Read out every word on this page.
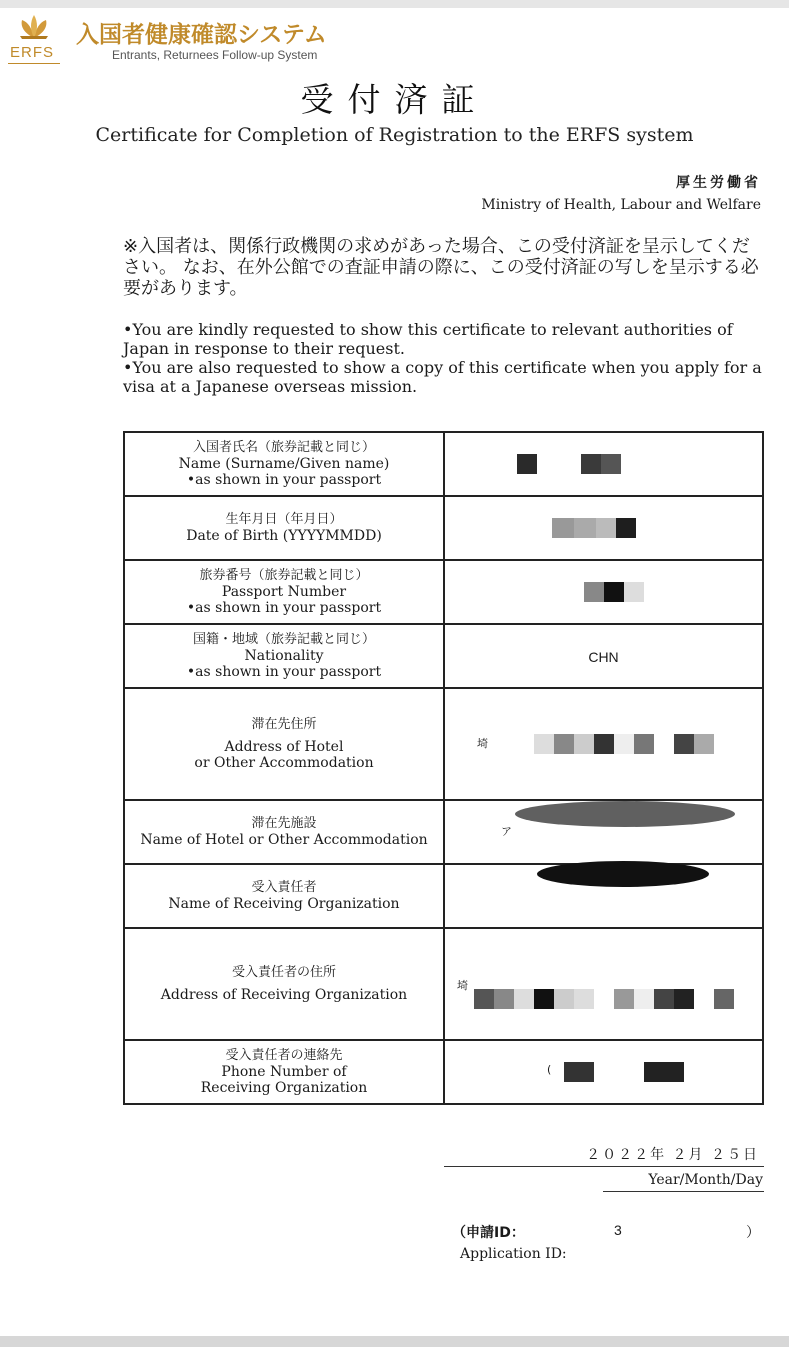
ERFS
入国者健康確認システム
Entrants, Returnees Follow-up System
受付済証
Certificate for Completion of Registration to the ERFS system
厚生労働省
Ministry of Health, Labour and Welfare
※入国者は、関係行政機関の求めがあった場合、この受付済証を呈示してください。 なお、在外公館での査証申請の際に、この受付済証の写しを呈示する必要があります。
•You are kindly requested to show this certificate to relevant authorities of Japan in response to their request.
•You are also requested to show a copy of this certificate when you apply for a visa at a Japanese overseas mission.
入国者氏名（旅券記載と同じ）
Name (Surname/Given name)
•as shown in your passport	

生年月日（年月日）
Date of Birth (YYYYMMDD)	

旅券番号（旅券記載と同じ）
Passport Number
•as shown in your passport	

国籍・地域（旅券記載と同じ）
Nationality
•as shown in your passport	CHN

滞在先住所
Address of Hotel
or Other Accommodation	埼

滞在先施設
Name of Hotel or Other Accommodation	ア

受入責任者
Name of Receiving Organization	

受入責任者の住所
Address of Receiving Organization	埼

受入責任者の連絡先
Phone Number of
Receiving Organization	(
２０２２年 ２月 ２５日
Year/Month/Day
（申請ID：	3	）
Application ID:
